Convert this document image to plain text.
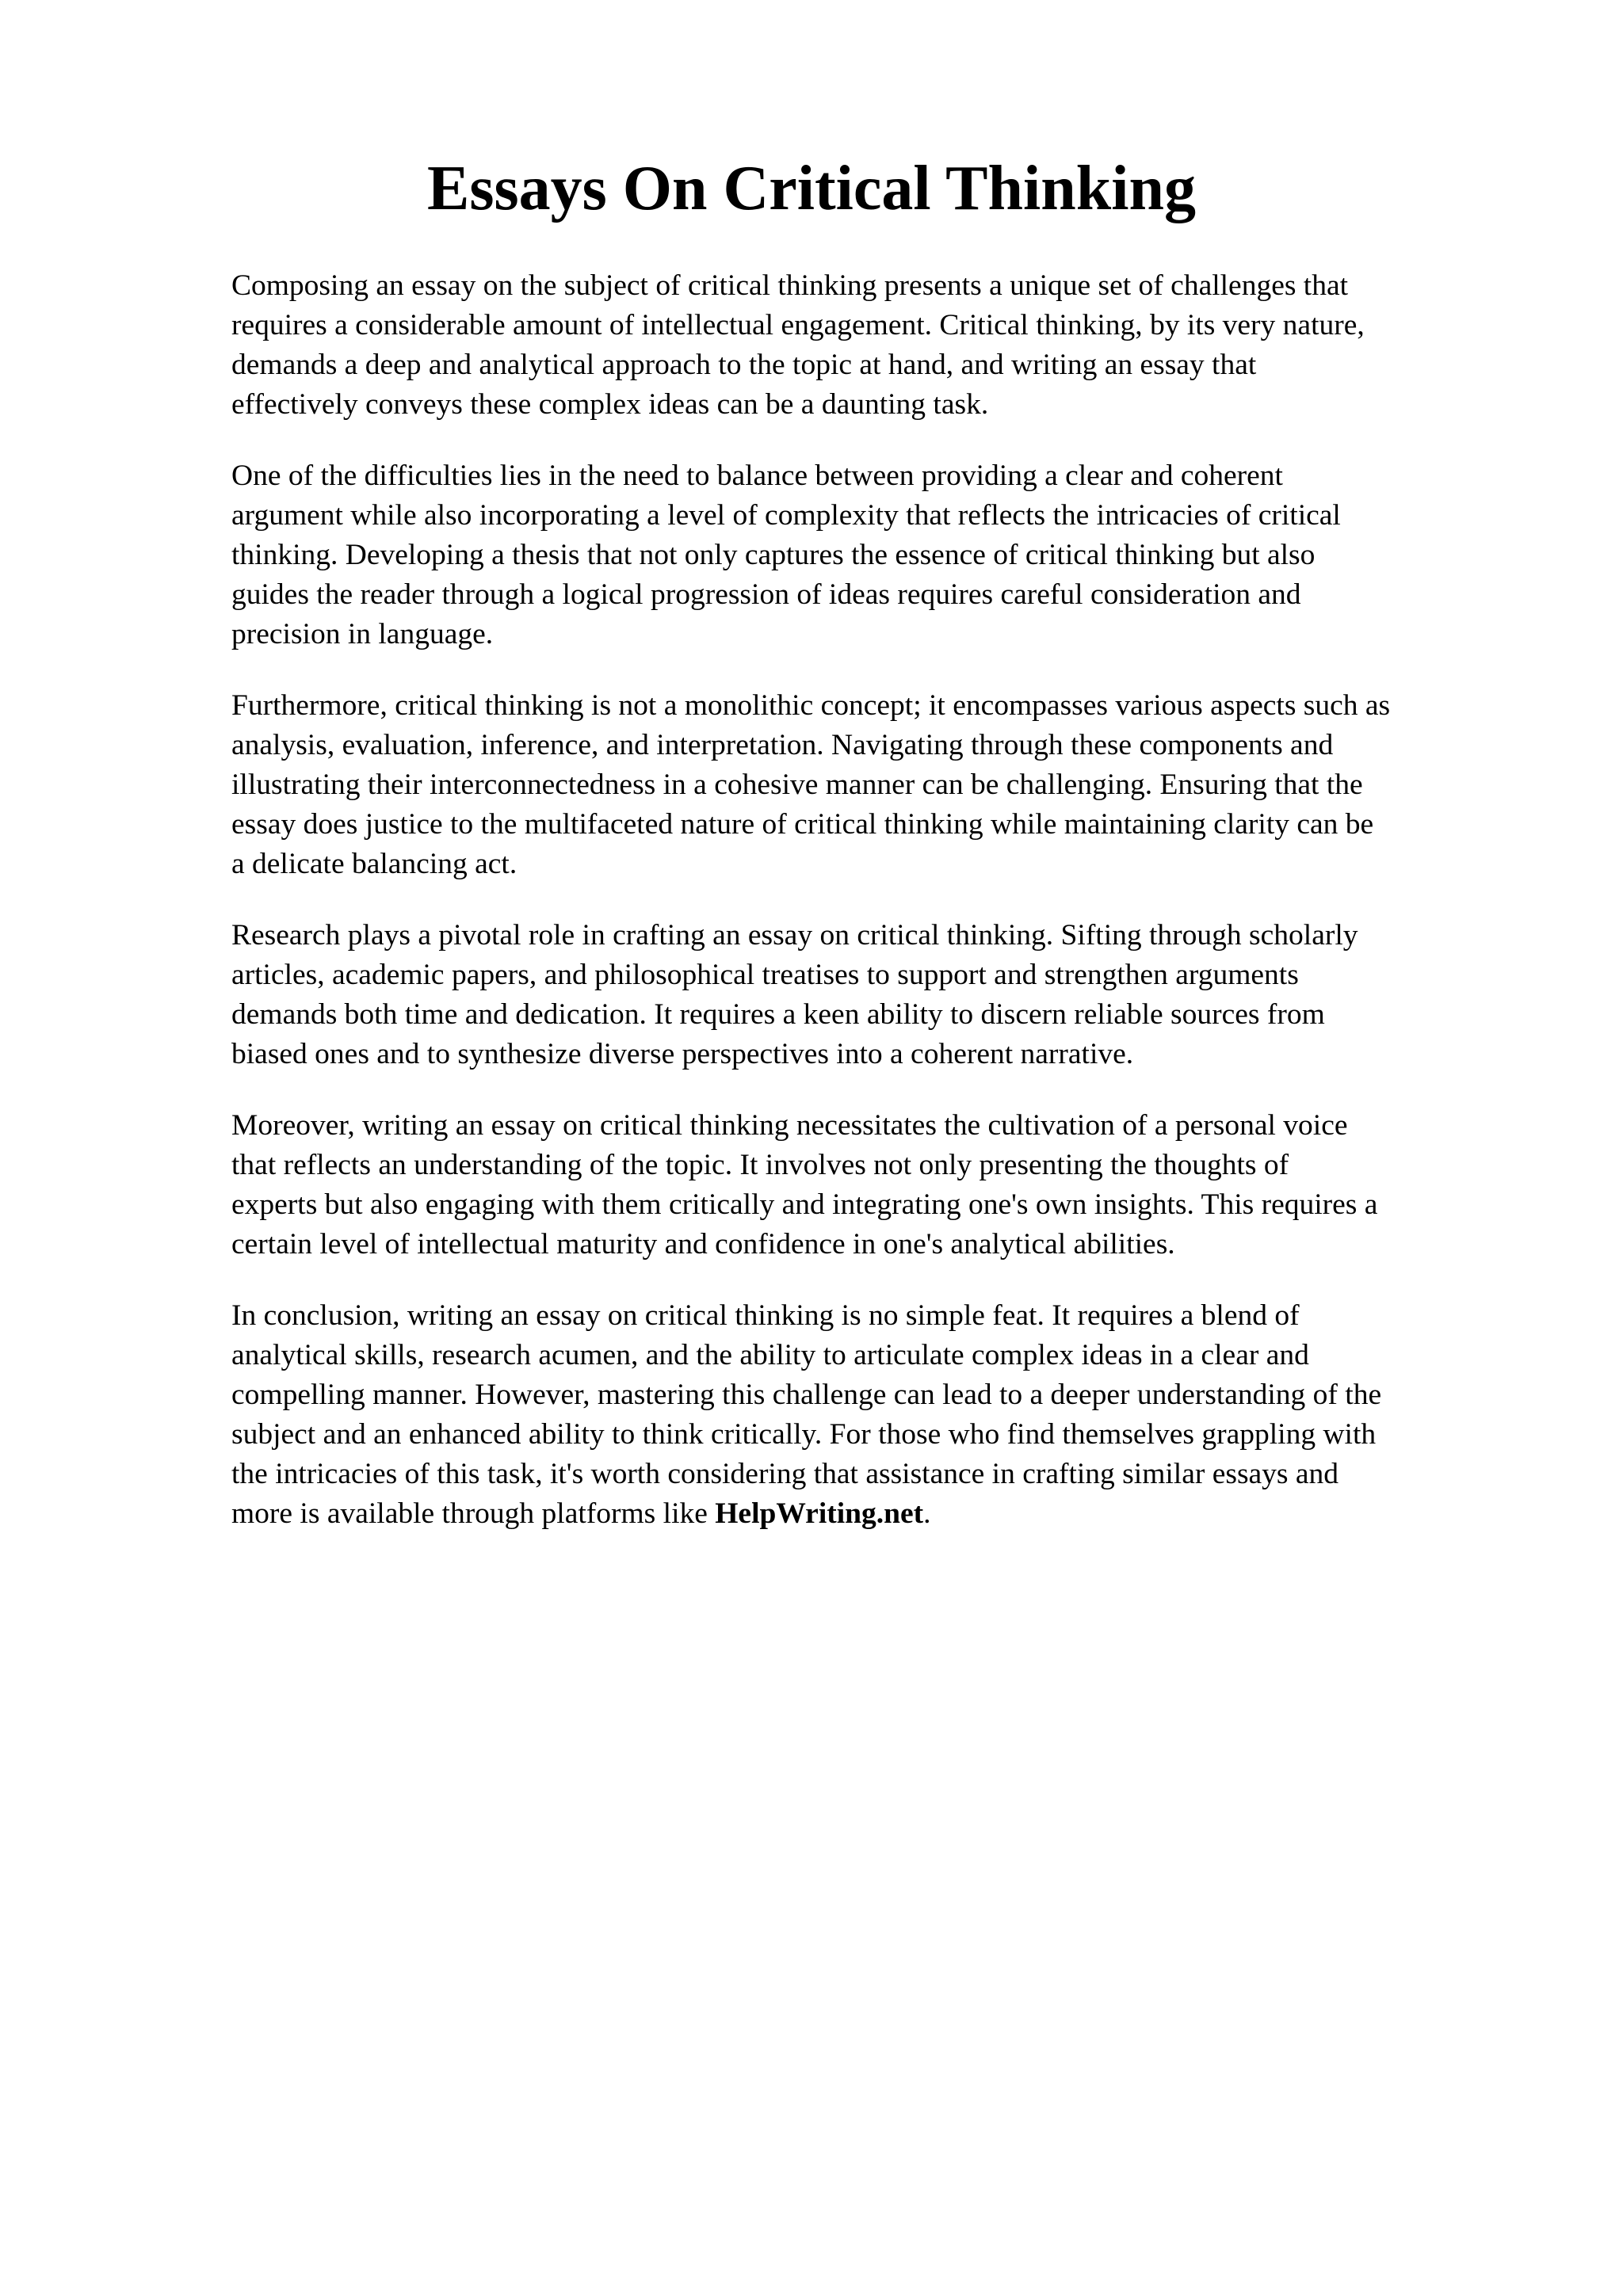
Essays On Critical Thinking

Composing an essay on the subject of critical thinking presents a unique set of challenges that
requires a considerable amount of intellectual engagement. Critical thinking, by its very nature,
demands a deep and analytical approach to the topic at hand, and writing an essay that
effectively conveys these complex ideas can be a daunting task.

One of the difficulties lies in the need to balance between providing a clear and coherent
argument while also incorporating a level of complexity that reflects the intricacies of critical
thinking. Developing a thesis that not only captures the essence of critical thinking but also
guides the reader through a logical progression of ideas requires careful consideration and
precision in language.

Furthermore, critical thinking is not a monolithic concept; it encompasses various aspects such as
analysis, evaluation, inference, and interpretation. Navigating through these components and
illustrating their interconnectedness in a cohesive manner can be challenging. Ensuring that the
essay does justice to the multifaceted nature of critical thinking while maintaining clarity can be
a delicate balancing act.

Research plays a pivotal role in crafting an essay on critical thinking. Sifting through scholarly
articles, academic papers, and philosophical treatises to support and strengthen arguments
demands both time and dedication. It requires a keen ability to discern reliable sources from
biased ones and to synthesize diverse perspectives into a coherent narrative.

Moreover, writing an essay on critical thinking necessitates the cultivation of a personal voice
that reflects an understanding of the topic. It involves not only presenting the thoughts of
experts but also engaging with them critically and integrating one's own insights. This requires a
certain level of intellectual maturity and confidence in one's analytical abilities.

In conclusion, writing an essay on critical thinking is no simple feat. It requires a blend of
analytical skills, research acumen, and the ability to articulate complex ideas in a clear and
compelling manner. However, mastering this challenge can lead to a deeper understanding of the
subject and an enhanced ability to think critically. For those who find themselves grappling with
the intricacies of this task, it's worth considering that assistance in crafting similar essays and
more is available through platforms like HelpWriting.net.
